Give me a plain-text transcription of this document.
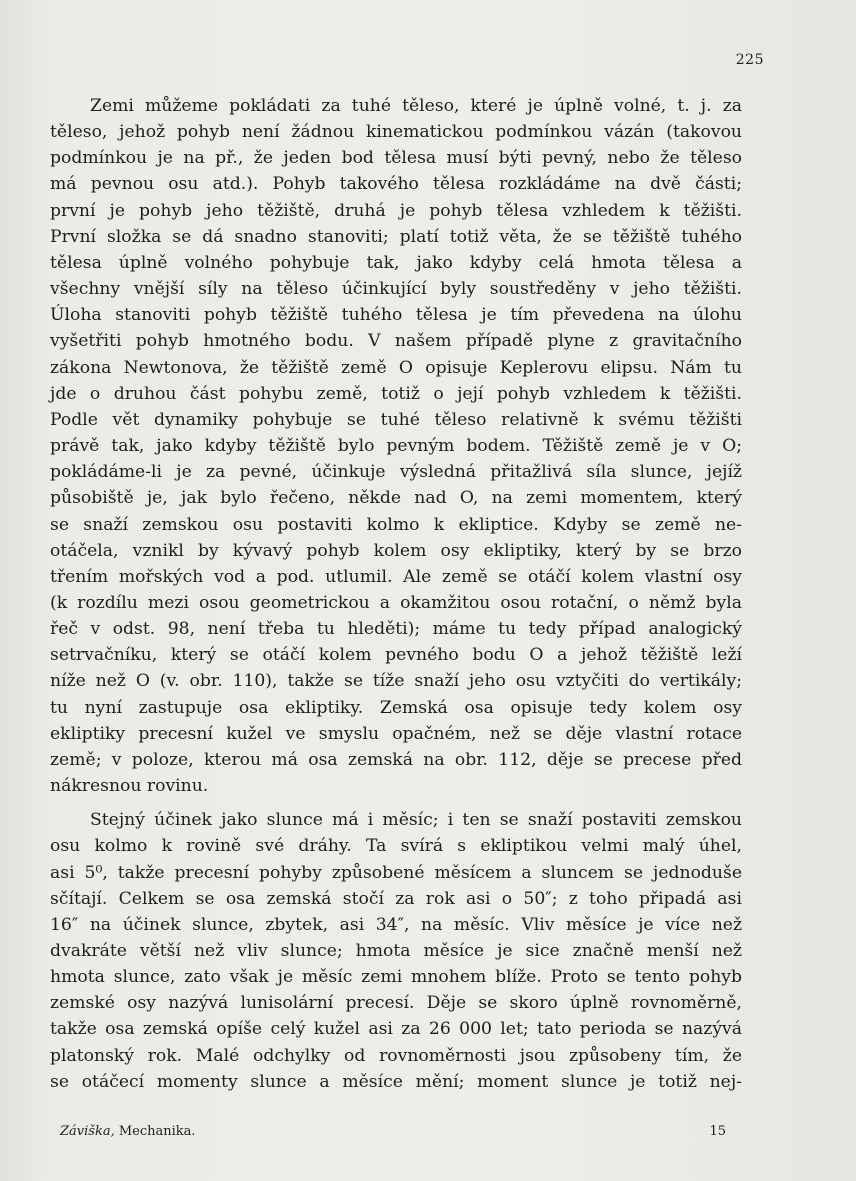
225
Zemi můžeme pokládati za tuhé těleso, které je úplně volné, t. j. za
těleso, jehož pohyb není žádnou kinematickou podmínkou vázán (takovou
podmínkou je na př., že jeden bod tělesa musí býti pevný, nebo že těleso
má pevnou osu atd.). Pohyb takového tělesa rozkládáme na dvě části;
první je pohyb jeho těžiště, druhá je pohyb tělesa vzhledem k těžišti.
První složka se dá snadno stanoviti; platí totiž věta, že se těžiště tuhého
tělesa úplně volného pohybuje tak, jako kdyby celá hmota tělesa a
všechny vnější síly na těleso účinkující byly soustředěny v jeho těžišti.
Úloha stanoviti pohyb těžiště tuhého tělesa je tím převedena na úlohu
vyšetřiti pohyb hmotného bodu. V našem případě plyne z gravitačního
zákona Newtonova, že těžiště země O opisuje Keplerovu elipsu. Nám tu
jde o druhou část pohybu země, totiž o její pohyb vzhledem k těžišti.
Podle vět dynamiky pohybuje se tuhé těleso relativně k svému těžišti
právě tak, jako kdyby těžiště bylo pevným bodem. Těžiště země je v O;
pokládáme-li je za pevné, účinkuje výsledná přitažlivá síla slunce, jejíž
působiště je, jak bylo řečeno, někde nad O, na zemi momentem, který
se snaží zemskou osu postaviti kolmo k ekliptice. Kdyby se země ne-
otáčela, vznikl by kývavý pohyb kolem osy ekliptiky, který by se brzo
třením mořských vod a pod. utlumil. Ale země se otáčí kolem vlastní osy
(k rozdílu mezi osou geometrickou a okamžitou osou rotační, o němž byla
řeč v odst. 98, není třeba tu hleděti); máme tu tedy případ analogický
setrvačníku, který se otáčí kolem pevného bodu O a jehož těžiště leží
níže než O (v. obr. 110), takže se tíže snaží jeho osu vztyčiti do vertikály;
tu nyní zastupuje osa ekliptiky. Zemská osa opisuje tedy kolem osy
ekliptiky precesní kužel ve smyslu opačném, než se děje vlastní rotace
země; v poloze, kterou má osa zemská na obr. 112, děje se precese před
nákresnou rovinu.
Stejný účinek jako slunce má i měsíc; i ten se snaží postaviti zemskou
osu kolmo k rovině své dráhy. Ta svírá s ekliptikou velmi malý úhel,
asi 5⁰, takže precesní pohyby způsobené měsícem a sluncem se jednoduše
sčítají. Celkem se osa zemská stočí za rok asi o 50″; z toho připadá asi
16″ na účinek slunce, zbytek, asi 34″, na měsíc. Vliv měsíce je více než
dvakráte větší než vliv slunce; hmota měsíce je sice značně menší než
hmota slunce, zato však je měsíc zemi mnohem blíže. Proto se tento pohyb
zemské osy nazývá lunisolární precesí. Děje se skoro úplně rovnoměrně,
takže osa zemská opíše celý kužel asi za 26 000 let; tato perioda se nazývá
platonský rok. Malé odchylky od rovnoměrnosti jsou způsobeny tím, že
se otáčecí momenty slunce a měsíce mění; moment slunce je totiž nej-
Záviška, Mechanika.	15
